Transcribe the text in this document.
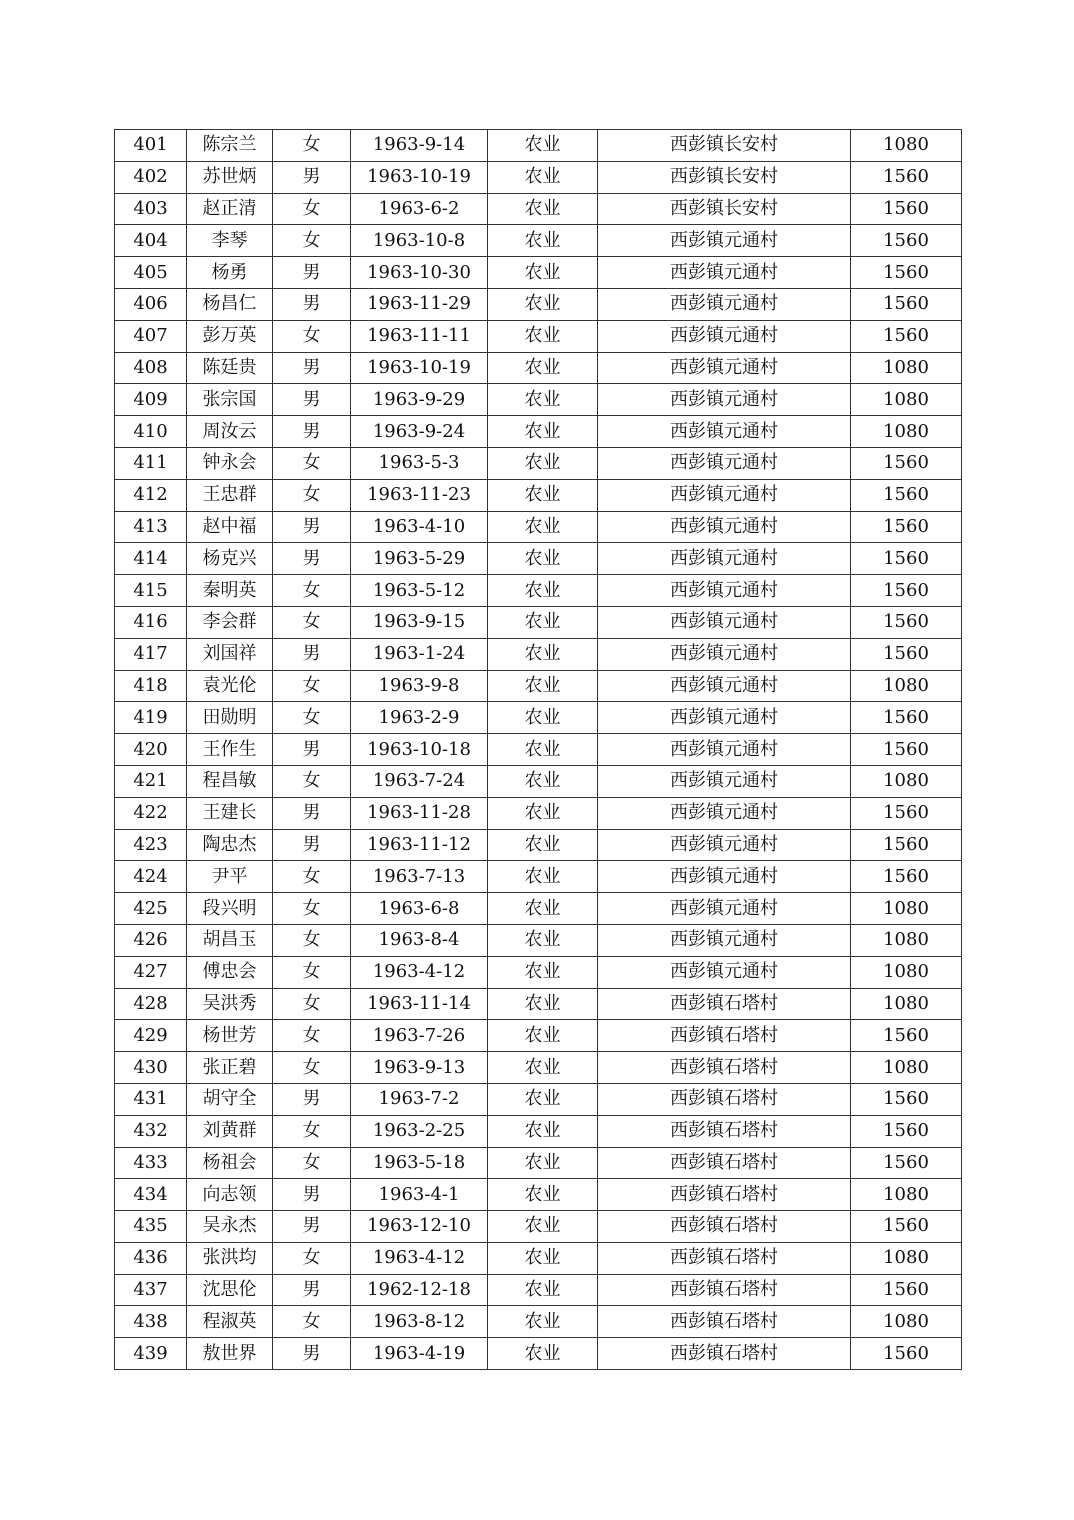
401	陈宗兰	女	1963-9-14	农业	西彭镇长安村	1080
402	苏世炳	男	1963-10-19	农业	西彭镇长安村	1560
403	赵正清	女	1963-6-2	农业	西彭镇长安村	1560
404	李琴	女	1963-10-8	农业	西彭镇元通村	1560
405	杨勇	男	1963-10-30	农业	西彭镇元通村	1560
406	杨昌仁	男	1963-11-29	农业	西彭镇元通村	1560
407	彭万英	女	1963-11-11	农业	西彭镇元通村	1560
408	陈廷贵	男	1963-10-19	农业	西彭镇元通村	1080
409	张宗国	男	1963-9-29	农业	西彭镇元通村	1080
410	周汝云	男	1963-9-24	农业	西彭镇元通村	1080
411	钟永会	女	1963-5-3	农业	西彭镇元通村	1560
412	王忠群	女	1963-11-23	农业	西彭镇元通村	1560
413	赵中福	男	1963-4-10	农业	西彭镇元通村	1560
414	杨克兴	男	1963-5-29	农业	西彭镇元通村	1560
415	秦明英	女	1963-5-12	农业	西彭镇元通村	1560
416	李会群	女	1963-9-15	农业	西彭镇元通村	1560
417	刘国祥	男	1963-1-24	农业	西彭镇元通村	1560
418	袁光伦	女	1963-9-8	农业	西彭镇元通村	1080
419	田勋明	女	1963-2-9	农业	西彭镇元通村	1560
420	王作生	男	1963-10-18	农业	西彭镇元通村	1560
421	程昌敏	女	1963-7-24	农业	西彭镇元通村	1080
422	王建长	男	1963-11-28	农业	西彭镇元通村	1560
423	陶忠杰	男	1963-11-12	农业	西彭镇元通村	1560
424	尹平	女	1963-7-13	农业	西彭镇元通村	1560
425	段兴明	女	1963-6-8	农业	西彭镇元通村	1080
426	胡昌玉	女	1963-8-4	农业	西彭镇元通村	1080
427	傅忠会	女	1963-4-12	农业	西彭镇元通村	1080
428	吴洪秀	女	1963-11-14	农业	西彭镇石塔村	1080
429	杨世芳	女	1963-7-26	农业	西彭镇石塔村	1560
430	张正碧	女	1963-9-13	农业	西彭镇石塔村	1080
431	胡守全	男	1963-7-2	农业	西彭镇石塔村	1560
432	刘黄群	女	1963-2-25	农业	西彭镇石塔村	1560
433	杨祖会	女	1963-5-18	农业	西彭镇石塔村	1560
434	向志领	男	1963-4-1	农业	西彭镇石塔村	1080
435	吴永杰	男	1963-12-10	农业	西彭镇石塔村	1560
436	张洪均	女	1963-4-12	农业	西彭镇石塔村	1080
437	沈思伦	男	1962-12-18	农业	西彭镇石塔村	1560
438	程淑英	女	1963-8-12	农业	西彭镇石塔村	1080
439	敖世界	男	1963-4-19	农业	西彭镇石塔村	1560
